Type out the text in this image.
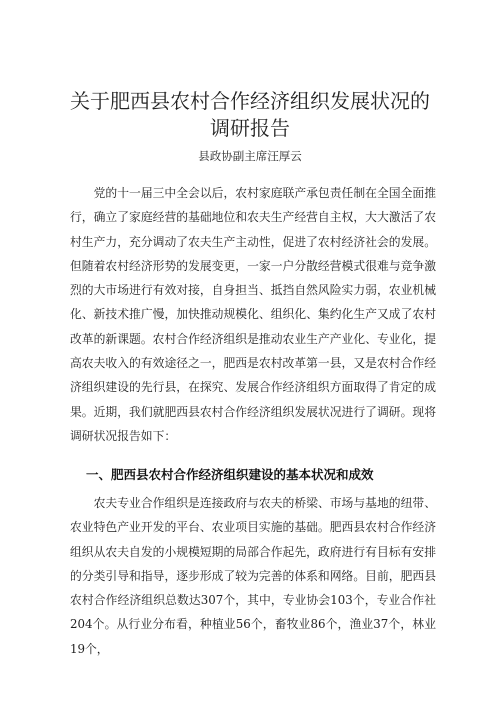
关于肥西县农村合作经济组织发展状况的
调研报告
县政协副主席汪厚云

党的十一届三中全会以后，农村家庭联产承包责任制在全国全面推行，确立了家庭经营的基础地位和农夫生产经营自主权，大大激活了农村生产力，充分调动了农夫生产主动性，促进了农村经济社会的发展。但随着农村经济形势的发展变更，一家一户分散经营模式很难与竞争激烈的大市场进行有效对接，自身担当、抵挡自然风险实力弱，农业机械化、新技术推广慢，加快推动规模化、组织化、集约化生产又成了农村改革的新课题。农村合作经济组织是推动农业生产产业化、专业化，提高农夫收入的有效途径之一，肥西是农村改革第一县，又是农村合作经济组织建设的先行县，在探究、发展合作经济组织方面取得了肯定的成果。近期，我们就肥西县农村合作经济组织发展状况进行了调研。现将调研状况报告如下：

一、肥西县农村合作经济组织建设的基本状况和成效

农夫专业合作组织是连接政府与农夫的桥梁、市场与基地的纽带、农业特色产业开发的平台、农业项目实施的基础。肥西县农村合作经济组织从农夫自发的小规模短期的局部合作起先，政府进行有目标有安排的分类引导和指导，逐步形成了较为完善的体系和网络。目前，肥西县农村合作经济组织总数达307个，其中，专业协会103个，专业合作社204个。从行业分布看，种植业56个，畜牧业86个，渔业37个，林业19个，
